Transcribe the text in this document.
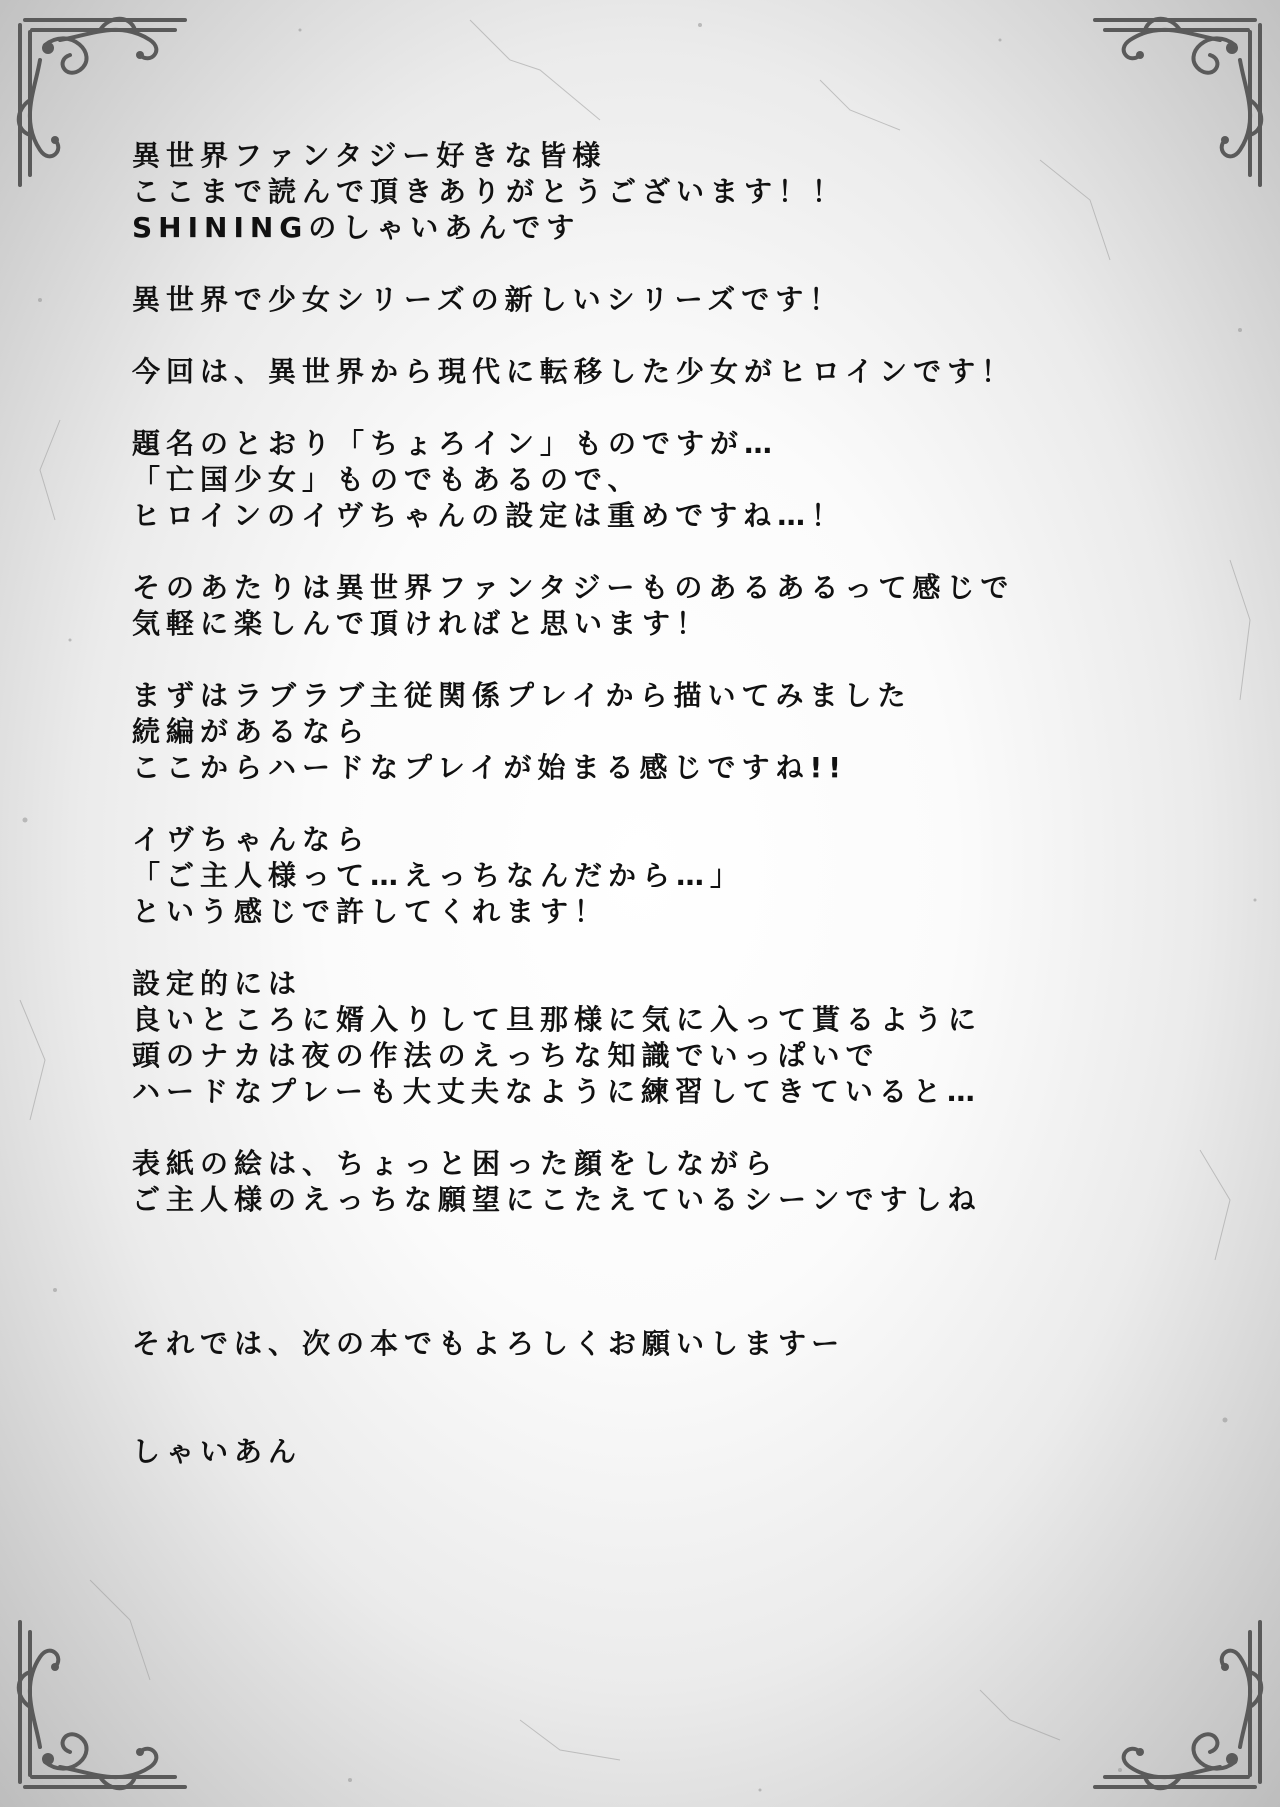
異世界ファンタジー好きな皆様
ここまで読んで頂きありがとうございます！！
SHININGのしゃいあんです
異世界で少女シリーズの新しいシリーズです！
今回は、異世界から現代に転移した少女がヒロインです！
題名のとおり「ちょろイン」ものですが…
「亡国少女」ものでもあるので、
ヒロインのイヴちゃんの設定は重めですね…！
そのあたりは異世界ファンタジーものあるあるって感じで
気軽に楽しんで頂ければと思います！
まずはラブラブ主従関係プレイから描いてみました
続編があるなら
ここからハードなプレイが始まる感じですね!!
イヴちゃんなら
「ご主人様って…えっちなんだから…」
という感じで許してくれます！
設定的には
良いところに婿入りして旦那様に気に入って貰るように
頭のナカは夜の作法のえっちな知識でいっぱいで
ハードなプレーも大丈夫なように練習してきていると…
表紙の絵は、ちょっと困った顔をしながら
ご主人様のえっちな願望にこたえているシーンですしね
それでは、次の本でもよろしくお願いしますー
しゃいあん
